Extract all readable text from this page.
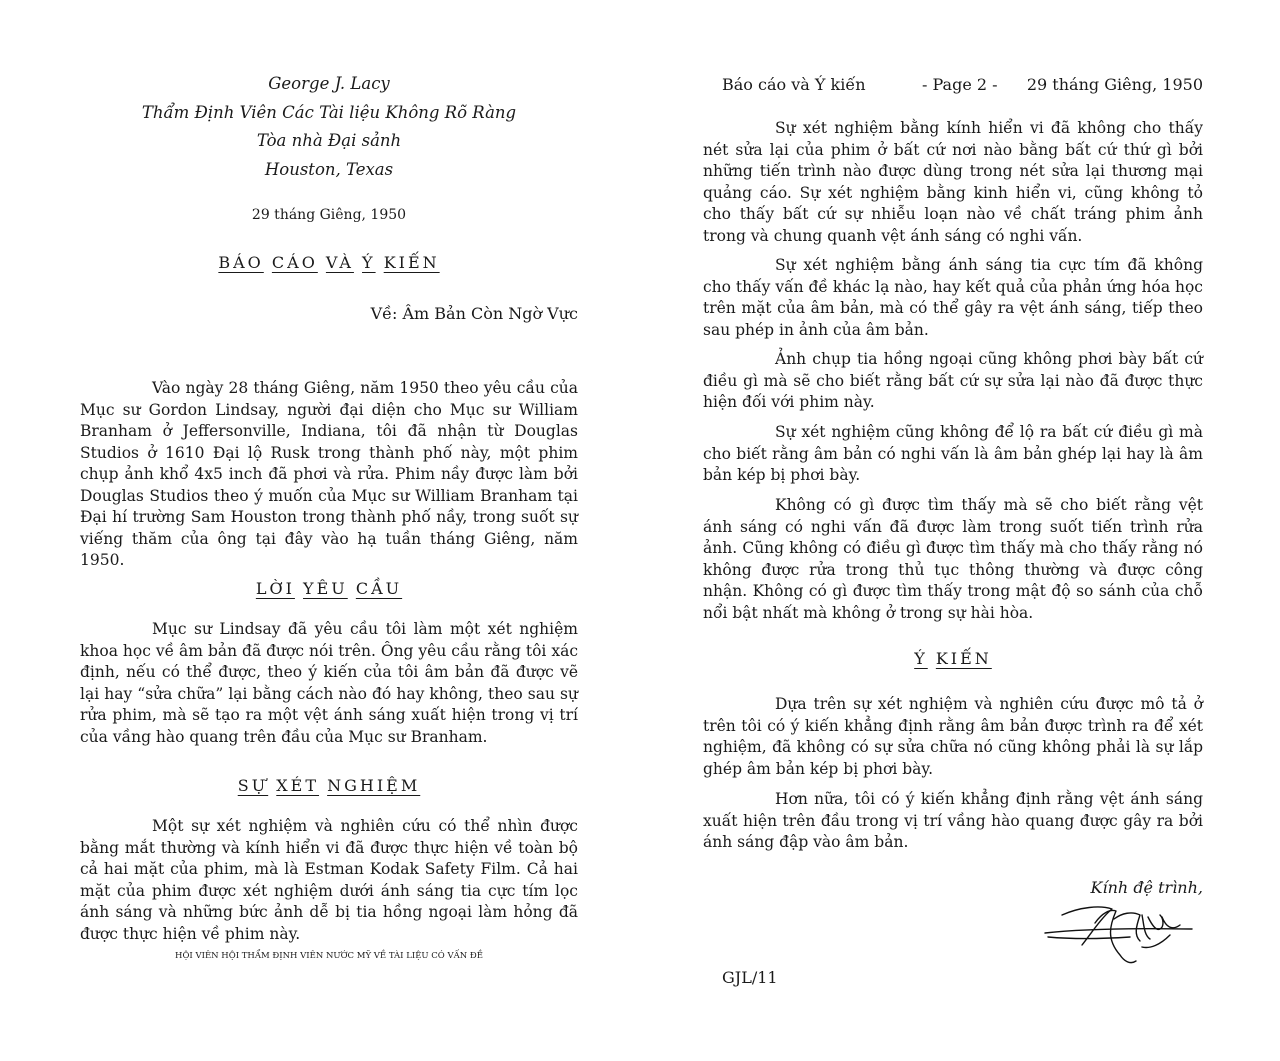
George J. Lacy
Thẩm Định Viên Các Tài liệu Không Rõ Ràng
Tòa nhà Đại sảnh
Houston, Texas
29 tháng Giêng, 1950
BÁO CÁO VÀ Ý KIẾN
Về: Âm Bản Còn Ngờ Vực

Vào ngày 28 tháng Giêng, năm 1950 theo yêu cầu của Mục sư Gordon Lindsay, người đại diện cho Mục sư William Branham ở Jeffersonville, Indiana, tôi đã nhận từ Douglas Studios ở 1610 Đại lộ Rusk trong thành phố này, một phim chụp ảnh khổ 4x5 inch đã phơi và rửa. Phim nầy được làm bởi Douglas Studios theo ý muốn của Mục sư William Branham tại Đại hí trường Sam Houston trong thành phố nầy, trong suốt sự viếng thăm của ông tại đây vào hạ tuần tháng Giêng, năm 1950.

LỜI YÊU CẦU

Mục sư Lindsay đã yêu cầu tôi làm một xét nghiệm khoa học về âm bản đã được nói trên. Ông yêu cầu rằng tôi xác định, nếu có thể được, theo ý kiến của tôi âm bản đã được vẽ lại hay “sửa chữa” lại bằng cách nào đó hay không, theo sau sự rửa phim, mà sẽ tạo ra một vệt ánh sáng xuất hiện trong vị trí của vầng hào quang trên đầu của Mục sư Branham.

SỰ XÉT NGHIỆM

Một sự xét nghiệm và nghiên cứu có thể nhìn được bằng mắt thường và kính hiển vi đã được thực hiện về toàn bộ cả hai mặt của phim, mà là Estman Kodak Safety Film. Cả hai mặt của phim được xét nghiệm dưới ánh sáng tia cực tím lọc ánh sáng và những bức ảnh dễ bị tia hồng ngoại làm hỏng đã được thực hiện về phim này.

HỘI VIÊN HỘI THẨM ĐỊNH VIÊN NƯỚC MỸ VỀ TÀI LIỆU CÓ VẤN ĐỀ
Báo cáo và Ý kiến	- Page 2 - 29 tháng Giêng, 1950

Sự xét nghiệm bằng kính hiển vi đã không cho thấy nét sửa lại của phim ở bất cứ nơi nào bằng bất cứ thứ gì bởi những tiến trình nào được dùng trong nét sửa lại thương mại quảng cáo. Sự xét nghiệm bằng kinh hiển vi, cũng không tỏ cho thấy bất cứ sự nhiễu loạn nào về chất tráng phim ảnh trong và chung quanh vệt ánh sáng có nghi vấn.

Sự xét nghiệm bằng ánh sáng tia cực tím đã không cho thấy vấn đề khác lạ nào, hay kết quả của phản ứng hóa học trên mặt của âm bản, mà có thể gây ra vệt ánh sáng, tiếp theo sau phép in ảnh của âm bản.

Ảnh chụp tia hồng ngoại cũng không phơi bày bất cứ điều gì mà sẽ cho biết rằng bất cứ sự sửa lại nào đã được thực hiện đối với phim này.

Sự xét nghiệm cũng không để lộ ra bất cứ điều gì mà cho biết rằng âm bản có nghi vấn là âm bản ghép lại hay là âm bản kép bị phơi bày.

Không có gì được tìm thấy mà sẽ cho biết rằng vệt ánh sáng có nghi vấn đã được làm trong suốt tiến trình rửa ảnh. Cũng không có điều gì được tìm thấy mà cho thấy rằng nó không được rửa trong thủ tục thông thường và được công nhận. Không có gì được tìm thấy trong mật độ so sánh của chỗ nổi bật nhất mà không ở trong sự hài hòa.

Ý KIẾN

Dựa trên sự xét nghiệm và nghiên cứu được mô tả ở trên tôi có ý kiến khẳng định rằng âm bản được trình ra để xét nghiệm, đã không có sự sửa chữa nó cũng không phải là sự lắp ghép âm bản kép bị phơi bày.

Hơn nữa, tôi có ý kiến khẳng định rằng vệt ánh sáng xuất hiện trên đầu trong vị trí vầng hào quang được gây ra bởi ánh sáng đập vào âm bản.

Kính đệ trình,
GJL/11
